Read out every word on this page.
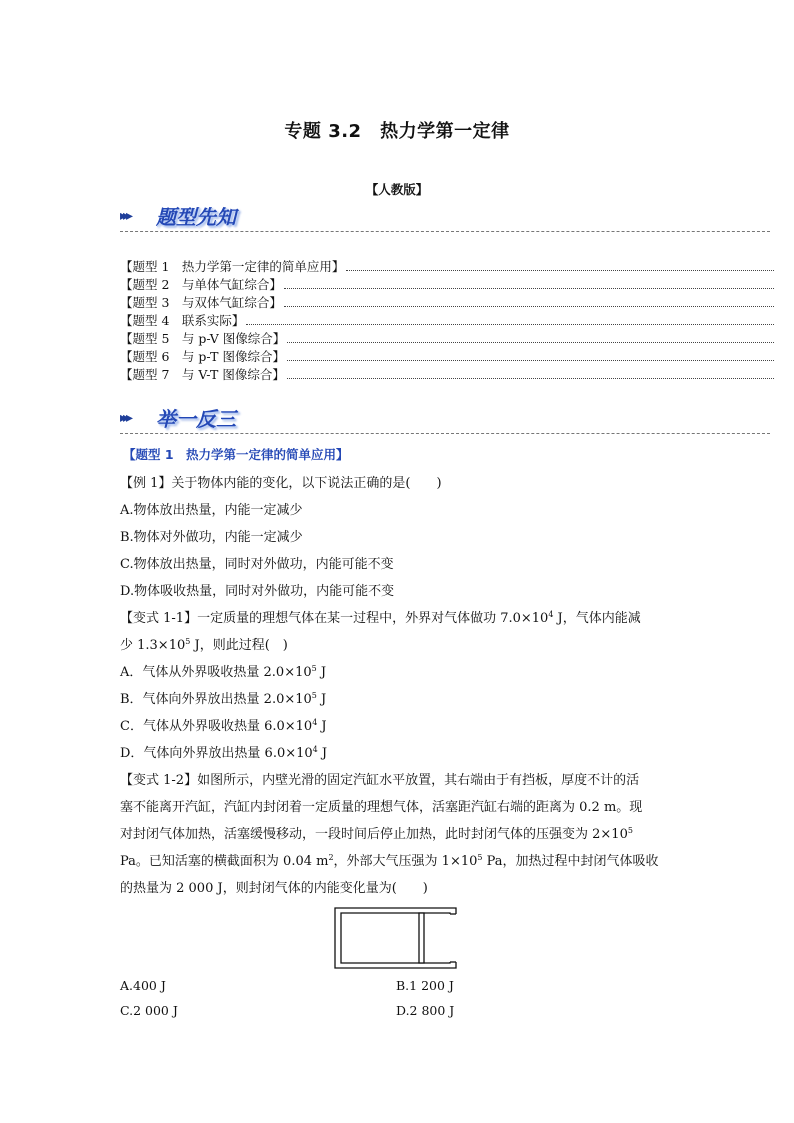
专题 3.2　热力学第一定律
【人教版】
▸▸▸ 题型先知
【题型 1　热力学第一定律的简单应用】
【题型 2　与单体气缸综合】
【题型 3　与双体气缸综合】
【题型 4　联系实际】
【题型 5　与 p-V 图像综合】
【题型 6　与 p-T 图像综合】
【题型 7　与 V-T 图像综合】
▸▸▸ 举一反三
【题型 1　热力学第一定律的简单应用】
【例 1】关于物体内能的变化，以下说法正确的是(　　)
A.物体放出热量，内能一定减少
B.物体对外做功，内能一定减少
C.物体放出热量，同时对外做功，内能可能不变
D.物体吸收热量，同时对外做功，内能可能不变
【变式 1-1】一定质量的理想气体在某一过程中，外界对气体做功 $7.0\times 10^4$ J，气体内能减
少 $1.3\times 10^5$ J，则此过程(　)
A．气体从外界吸收热量 $2.0\times 10^5$ J
B．气体向外界放出热量 $2.0\times 10^5$ J
C．气体从外界吸收热量 $6.0\times 10^4$ J
D．气体向外界放出热量 $6.0\times 10^4$ J
【变式 1-2】如图所示，内壁光滑的固定汽缸水平放置，其右端由于有挡板，厚度不计的活
塞不能离开汽缸，汽缸内封闭着一定质量的理想气体，活塞距汽缸右端的距离为 0.2 m。现
对封闭气体加热，活塞缓慢移动，一段时间后停止加热，此时封闭气体的压强变为 $2\times 10^5$
Pa。已知活塞的横截面积为 0.04 $m^2$，外部大气压强为 $1\times 10^5$ Pa，加热过程中封闭气体吸收
的热量为 2 000 J，则封闭气体的内能变化量为(　　)
A.400 J	B.1 200 J
C.2 000 J	D.2 800 J
